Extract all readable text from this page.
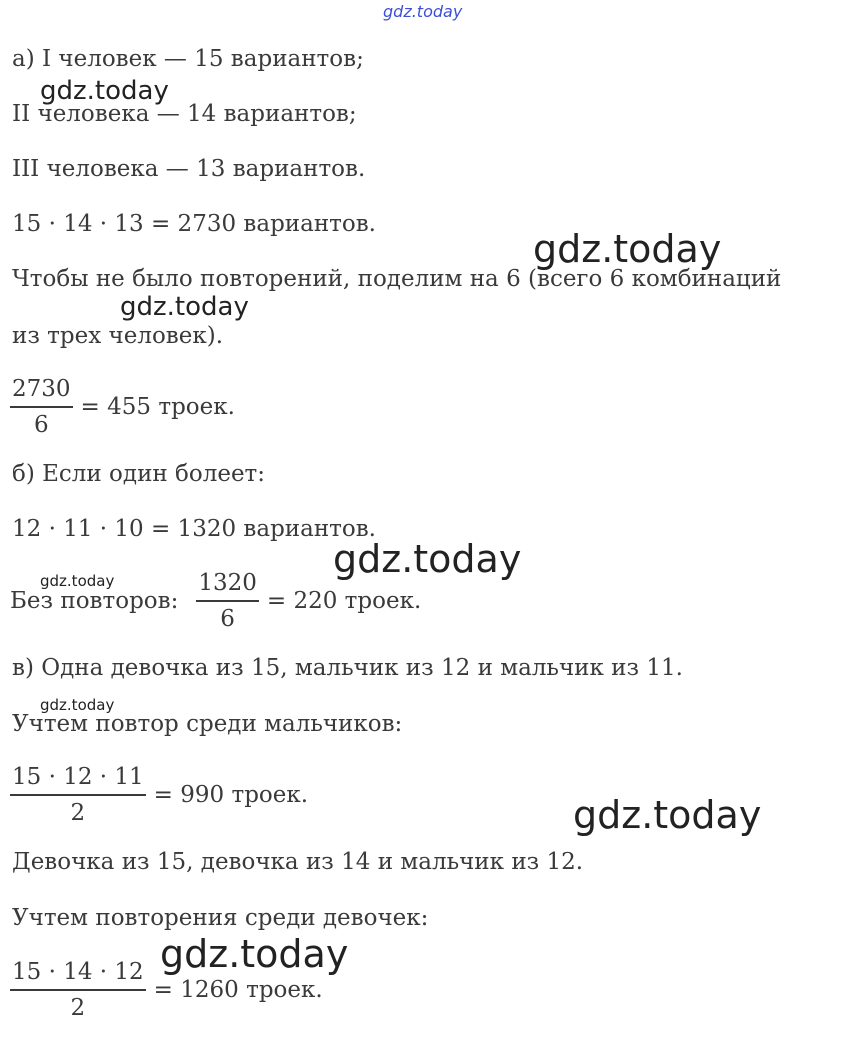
gdz.today
gdz.today
gdz.today
gdz.today
gdz.today
gdz.today
gdz.today
gdz.today
gdz.today
а) I человек — 15 вариантов;
II человека — 14 вариантов;
III человека — 13 вариантов.
15 · 14 · 13 = 2730 вариантов.
Чтобы не было повторений, поделим на 6 (всего 6 комбинаций
из трех человек).
$\frac{2730}{6} = 455$ троек.
б) Если один болеет:
12 · 11 · 10 = 1320 вариантов.
Без повторов: $\frac{1320}{6} = 220$ троек.
в) Одна девочка из 15, мальчик из 12 и мальчик из 11.
Учтем повтор среди мальчиков:
$\frac{15 \cdot 12 \cdot 11}{2} = 990$ троек.
Девочка из 15, девочка из 14 и мальчик из 12.
Учтем повторения среди девочек:
$\frac{15 \cdot 14 \cdot 12}{2} = 1260$ троек.
